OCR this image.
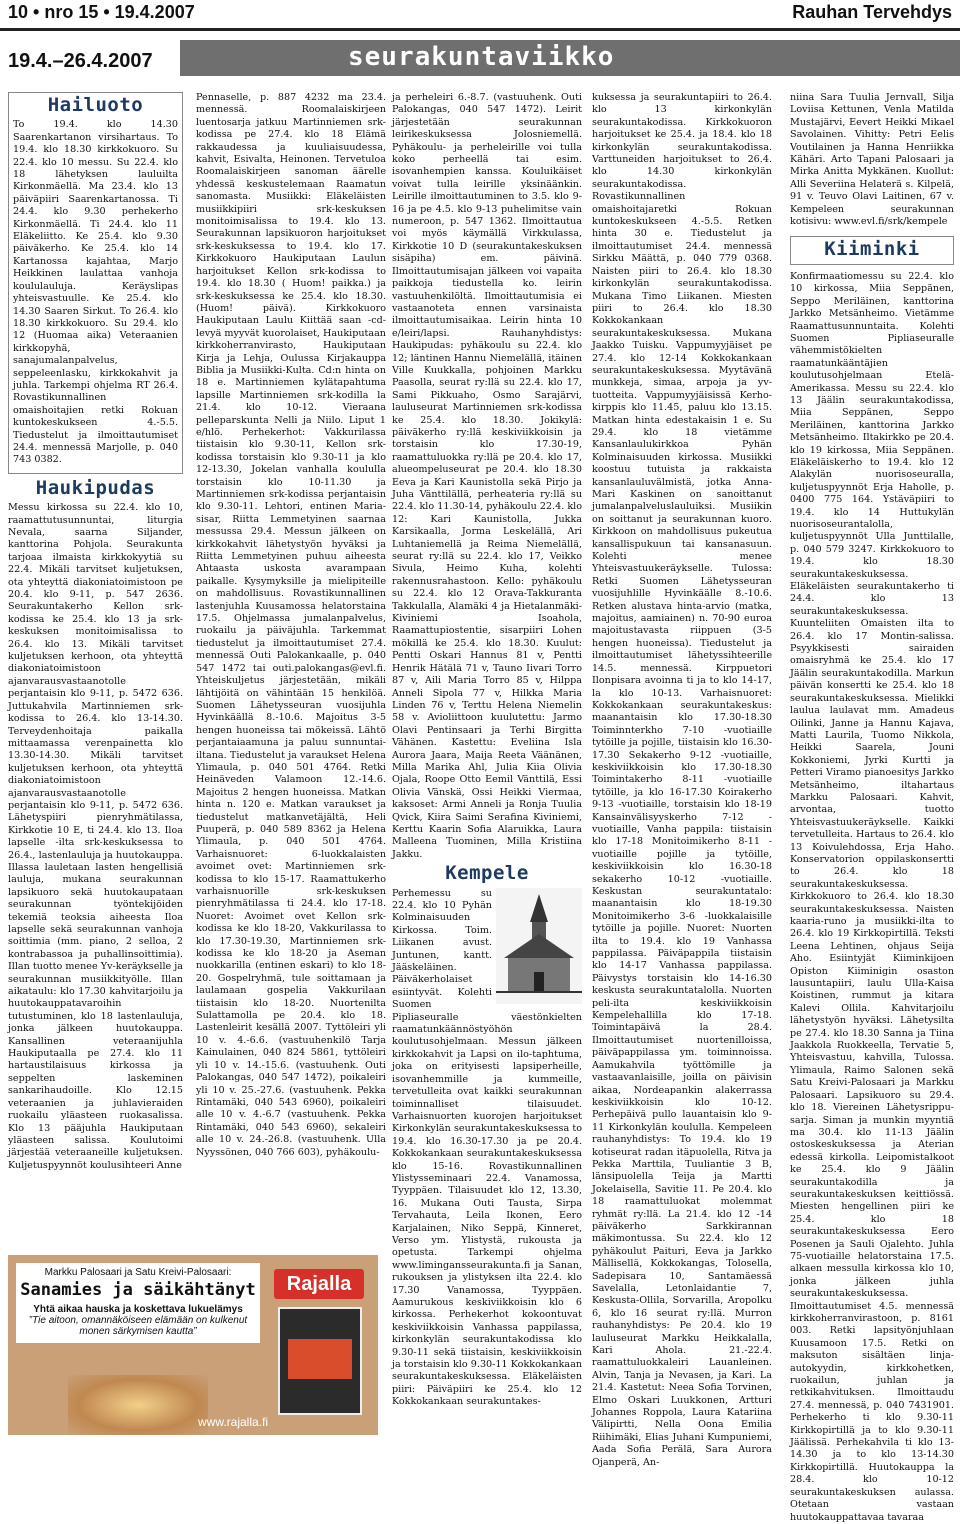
10 • nro 15 • 19.4.2007	Rauhan Tervehdys
19.4.–26.4.2007	seurakuntaviikko
Hailuoto

To 19.4. klo 14.30 Saarenkartanon virsihartaus. To 19.4. klo 18.30 kirkkokuoro. Su 22.4. klo 10 messu. Su 22.4. klo 18 lähetyksen lauluilta Kirkonmäellä. Ma 23.4. klo 13 päiväpiiri Saarenkartanossa. Ti 24.4. klo 9.30 perhekerho Kirkonmäellä. Ti 24.4. klo 11 Eläkeliitto. Ke 25.4. klo 9.30 päiväkerho. Ke 25.4. klo 14 Kartanossa kajahtaa, Marjo Heikkinen laulattaa vanhoja koululauluja. Keräyslipas yhteisvastuulle. Ke 25.4. klo 14.30 Saaren Sirkut. To 26.4. klo 18.30 kirkkokuoro. Su 29.4. klo 12 (Huomaa aika) Veteraanien kirkkopyhä, sanajumalanpalvelus, seppeleenlasku, kirkkokahvit ja juhla. Tarkempi ohjelma RT 26.4. Rovastikunnallinen omaishoitajien retki Rokuan kuntokeskukseen 4.-5.5. Tiedustelut ja ilmoittautumiset 24.4. mennessä Marjolle, p. 040 743 0382.

Haukipudas

Messu kirkossa su 22.4. klo 10, raamattutusunnuntai, liturgia Nevala, saarna Siljander, kanttorina Pohjola. Seurakunta tarjoaa ilmaista kirkkokyytiä su 22.4. Mikäli tarvitset kuljetuksen, ota yhteyttä diakoniatoimistoon pe 20.4. klo 9-11, p. 547 2636. Seurakuntakerho Kellon srk-kodissa ke 25.4. klo 13 ja srk-keskuksen monitoimisalissa to 26.4. klo 13. Mikäli tarvitset kuljetuksen kerhoon, ota yhteyttä diakoniatoimistoon ajanvarausvastaanotolle perjantaisin klo 9-11, p. 5472 636. Juttukahvila Martinniemen srk-kodissa to 26.4. klo 13-14.30. Terveydenhoitaja paikalla mittaamassa verenpainetta klo 13.30-14.30. Mikäli tarvitset kuljetuksen kerhoon, ota yhteyttä diakoniatoimistoon ajanvarausvastaanotolle perjantaisin klo 9-11, p. 5472 636. Lähetyspiiri pienryhmätilassa, Kirkkotie 10 E, ti 24.4. klo 13. Iloa lapselle -ilta srk-keskuksessa to 26.4., lastenlauluja ja huutokauppa. Illassa lauletaan lasten hengellisiä lauluja, mukana seurakunnan lapsikuoro sekä huutokaupataan seurakunnan työntekijöiden tekemiä teoksia aiheesta Iloa lapselle sekä seurakunnan vanhoja soittimia (mm. piano, 2 selloa, 2 kontrabassoa ja puhallinsoittimia). Illan tuotto menee Yv-keräykselle ja seurakunnan musiikkityölle. Illan aikataulu: klo 17.30 kahvitarjoilu ja huutokauppatavaroihin tutustuminen, klo 18 lastenlauluja, jonka jälkeen huutokauppa. Kansallinen veteraanijuhla Haukiputaalla pe 27.4. klo 11 hartaustilaisuus kirkossa ja seppelten laskeminen sankarihaudoille. Klo 12.15 veteraanien ja juhlavieraiden ruokailu yläasteen ruokasalissa. Klo 13 pääjuhla Haukiputaan yläasteen salissa. Koulutoimi järjestää veteraaneille kuljetuksen. Kuljetuspyynnöt koulusihteeri Anne

Pennaselle, p. 887 4232 ma 23.4. mennessä. Roomalaiskirjeen luentosarja jatkuu Martinniemen srk-kodissa pe 27.4. klo 18 Elämä rakkaudessa ja kuuliaisuudessa, kahvit, Esivalta, Heinonen. Tervetuloa Roomalaiskirjeen sanoman äärelle yhdessä keskustelemaan Raamatun sanomasta. Musiikki: Eläkeläisten musiikkipiiri srk-keskuksen monitoimisalissa to 19.4. klo 13. Seurakunnan lapsikuoron harjoitukset srk-keskuksessa to 19.4. klo 17. Kirkkokuoro Haukiputaan Laulun harjoitukset Kellon srk-kodissa to 19.4. klo 18.30 ( Huom! paikka.) ja srk-keskuksessa ke 25.4. klo 18.30. (Huom! päivä). Kirkkokuoro Haukiputaan Laulu Kiittää saan -cd-levyä myyvät kuorolaiset, Haukiputaan kirkkoherranvirasto, Haukiputaan Kirja ja Lehja, Oulussa Kirjakauppa Biblia ja Musiikki-Kulta. Cd:n hinta on 18 e. Martinniemen kylätapahtuma lapsille Martinniemen srk-kodilla la 21.4. klo 10-12. Vieraana pelleparskunta Nelli ja Niilo. Liput 1 e/hlö. Perhekerhot: Vakkurilassa tiistaisin klo 9.30-11, Kellon srk-kodissa torstaisin klo 9.30-11 ja klo 12-13.30, Jokelan vanhalla koululla torstaisin klo 10-11.30 ja Martinniemen srk-kodissa perjantaisin klo 9.30-11. Lehtori, entinen Maria-sisar, Riitta Lemmetyinen saarnaa messussa 29.4. Messun jälkeen on kirkkokahvit lähetystyön hyväksi ja Riitta Lemmetyinen puhuu aiheesta Ahtaasta uskosta avarampaan paikalle. Kysymyksille ja mielipiteille on mahdollisuus. Rovastikunnallinen lastenjuhla Kuusamossa helatorstaina 17.5. Ohjelmassa jumalanpalvelus, ruokailu ja päiväjuhla. Tarkemmat tiedustelut ja ilmoittautumiset 27.4. mennessä Outi Palokankaalle, p. 040 547 1472 tai outi.palokangas@evl.fi. Yhteiskuljetus järjestetään, mikäli lähtijöitä on vähintään 15 henkilöä. Suomen Lähetysseuran vuosijuhla Hyvinkäällä 8.-10.6. Majoitus 3-5 hengen huoneissa tai mökeissä. Lähtö perjantaiaamuna ja paluu sunnuntai-iltana. Tiedustelut ja varaukset Helena Ylimaula, p. 040 501 4764. Retki Heinäveden Valamoon 12.-14.6. Majoitus 2 hengen huoneissa. Matkan hinta n. 120 e. Matkan varaukset ja tiedustelut matkanvetäjältä, Heli Puuperä, p. 040 589 8362 ja Helena Ylimaula, p. 040 501 4764. Varhaisnuoret: 6-luokkalaisten avoimet ovet: Martinniemen srk-kodissa to klo 15-17. Raamattukerho varhaisnuorille srk-keskuksen pienryhmätilassa ti 24.4. klo 17-18. Nuoret: Avoimet ovet Kellon srk-kodissa ke klo 18-20, Vakkurilassa to klo 17.30-19.30, Martinniemen srk-kodissa ke klo 18-20 ja Aseman nuokkarilla (entinen eskari) to klo 18-20. Gospelryhmä, tule soittamaan ja laulamaan gospelia Vakkurilaan tiistaisin klo 18-20. Nuortenilta Sulattamolla pe 20.4. klo 18. Lastenleirit kesällä 2007. Tyttöleiri yli 10 v. 4.-6.6. (vastuuhenkilö Tarja Kainulainen, 040 824 5861, tyttöleiri yli 10 v. 14.-15.6. (vastuuhenk. Outi Palokangas, 040 547 1472), poikaleiri yli 10 v. 25.-27.6. (vastuuhenk. Pekka Rintamäki, 040 543 6960), poikaleiri alle 10 v. 4.-6.7 (vastuuhenk. Pekka Rintamäki, 040 543 6960), sekaleiri alle 10 v. 24.-26.8. (vastuuhenk. Ulla Nyyssönen, 040 766 603), pyhäkoulu-

ja perheleiri 6.-8.7. (vastuuhenk. Outi Palokangas, 040 547 1472). Leirit järjestetään seurakunnan leirikeskuksessa Jolosniemellä. Pyhäkoulu- ja perheleirille voi tulla koko perheellä tai esim. isovanhempien kanssa. Kouluikäiset voivat tulla leirille yksinäänkin. Leirille ilmoittautuminen to 3.5. klo 9-16 ja pe 4.5. klo 9-13 puhelimitse vain numeroon, p. 547 1362. Ilmoittautua voi myös käymällä Virkkulassa, Kirkkotie 10 D (seurakuntakeskuksen sisäpiha) em. päivinä. Ilmoittautumisajan jälkeen voi vapaita paikkoja tiedustella ko. leirin vastuuhenkilöltä. Ilmoittautumisia ei vastaanoteta ennen varsinaista ilmoittautumisaikaa. Leirin hinta 10 e/leiri/lapsi. Rauhanyhdistys: Haukipudas: pyhäkoulu su 22.4. klo 12; läntinen Hannu Niemelällä, itäinen Ville Kuukkalla, pohjoinen Markku Paasolla, seurat ry:llä su 22.4. klo 17, Sami Pikkuaho, Osmo Sarajärvi, lauluseurat Martinniemen srk-kodissa ke 25.4. klo 18.30. Jokikylä: päiväkerho ry:llä keskiviikkoisin ja torstaisin klo 17.30-19, raamattuluokka ry:llä pe 20.4. klo 17, alueompeluseurat pe 20.4. klo 18.30 Eeva ja Kari Kaunistolla sekä Pirjo ja Juha Vänttilällä, perheateria ry:llä su 22.4. klo 11.30-14, pyhäkoulu 22.4. klo 12: Kari Kaunistolla, Jukka Karsikaalla, Jorma Leskelällä, Ari Luhtaniemellä ja Reima Niemelällä, seurat ry:llä su 22.4. klo 17, Veikko Sivula, Heimo Kuha, kolehti rakennusrahastoon. Kello: pyhäkoulu su 22.4. klo 12 Orava-Takkuranta Takkulalla, Alamäki 4 ja Hietalanmäki-Kiviniemi Isoahola, Raamattupiostentie, sisarpiiri Lohen mökillä ke 25.4. klo 18.30. Kuulut: Pentti Oskari Hannus 81 v, Pentti Henrik Hätälä 71 v, Tauno Iivari Torro 87 v, Aili Maria Torro 85 v, Hilppa Anneli Sipola 77 v, Hilkka Maria Linden 76 v, Terttu Helena Niemelin 58 v. Avioliittoon kuulutettu: Jarmo Olavi Pentinsaari ja Terhi Birgitta Vähänen. Kastettu: Eveliina Isla Aurora Jaara, Maija Reeta Väänänen, Milla Marika Ahl, Julia Kiia Olivia Ojala, Roope Otto Eemil Vänttilä, Essi Olivia Vänskä, Ossi Heikki Viermaa, kaksoset: Armi Anneli ja Ronja Tuulia Qvick, Kiira Saimi Serafina Kiviniemi, Kerttu Kaarin Sofia Alaruikka, Laura Malleena Tuominen, Milla Kristiina Jakku.

Kempele

Perhemessu su 22.4. klo 10 Pyhän Kolminaisuuden Kirkossa. Toim. Liikanen avust. Juntunen, kantt. Jääskeläinen. Päiväkerholaiset esiintyvät. Kolehti Suomen Pipliaseuralle väestönkielten raamatunkäännöstyöhön koulutusohjelmaan. Messun jälkeen kirkkokahvit ja Lapsi on ilo-taphtuma, joka on erityisesti lapsiperheille, isovanhemmille ja kummeille, tervetulleita ovat kaikki seurakunnan toiminnalliset tilaisuudet. Varhaisnuorten kuorojen harjoitukset Kirkonkylän seurakuntakeskuksessa to 19.4. klo 16.30-17.30 ja pe 20.4. Kokkokankaan seurakuntakeskuksessa klo 15-16. Rovastikunnallinen Ylistysseminaari 22.4. Vanamossa, Tyyppäen. Tilaisuudet klo 12, 13.30, 16. Mukana Outi Tausta, Sirpa Tervahauta, Leila Ikonen, Eero Karjalainen, Niko Seppä, Kinneret, Verso ym. Ylistystä, rukousta ja opetusta. Tarkempi ohjelma www.limingansseurakunta.fi ja Sanan, rukouksen ja ylistyksen ilta 22.4. klo 17.30 Vanamossa, Tyyppäen. Aamurukous keskiviikkoisin klo 6 kirkossa. Perhekerhot kokoontuvat keskiviikkoisin Vanhassa pappilassa, kirkonkylän seurakuntakodissa klo 9.30-11 sekä tiistaisin, keskiviikkoisin ja torstaisin klo 9.30-11 Kokkokankaan seurakuntakeskuksessa. Eläkeläisten piiri: Päiväpiiri ke 25.4. klo 12 Kokkokankaan seurakuntakes-

kuksessa ja seurakuntapiiri to 26.4. klo 13 kirkonkylän seurakuntakodissa. Kirkkokuoron harjoitukset ke 25.4. ja 18.4. klo 18 kirkonkylän seurakuntakodissa. Varttuneiden harjoitukset to 26.4. klo 14.30 kirkonkylän seurakuntakodissa. Rovastikunnallinen omaishoitajaretki Rokuan kuntokeskukseen 4.-5.5. Retken hinta 30 e. Tiedustelut ja ilmoittautumiset 24.4. mennessä Sirkku Määttä, p. 040 779 0368. Naisten piiri to 26.4. klo 18.30 kirkonkylän seurakuntakodissa. Mukana Timo Liikanen. Miesten piiri to 26.4. klo 18.30 Kokkokankaan seurakuntakeskuksessa. Mukana Jaakko Tuisku. Vappumyyjäiset pe 27.4. klo 12-14 Kokkokankaan seurakuntakeskuksessa. Myytävänä munkkeja, simaa, arpoja ja yv-tuotteita. Vappumyyjäisissä Kerho-kirppis klo 11.45, paluu klo 13.15. Matkan hinta edestakaisin 1 e. Su 29.4. klo 18 vietämme Kansanlaulukirkkoa Pyhän Kolminaisuuden kirkossa. Musiikki koostuu tutuista ja rakkaista kansanlauluvälmistä, jotka Anna-Mari Kaskinen on sanoittanut jumalanpalveluslauluiksi. Musiikin on soittanut ja seurakunnan kuoro. Kirkkoon on mahdollisuus pukeutua kansallispukuun tai kansanasuun. Kolehti menee Yhteisvastuukeräykselle. Tulossa: Retki Suomen Lähetysseuran vuosijuhlille Hyvinkäälle 8.-10.6. Retken alustava hinta-arvio (matka, majoitus, aamiainen) n. 70-90 euroa majoitustavasta riippuen (3-5 hengen huoneissa). Tiedustelut ja ilmoittautumiset lähetyssihteerille 14.5. mennessä. Kirppuetori Ilonpisara avoinna ti ja to klo 14-17, la klo 10-13. Varhaisnuoret: Kokkokankaan seurakuntakeskus: maanantaisin klo 17.30-18.30 Toiminnterkho 7-10 -vuotiaille tytöille ja pojille, tiistaisin klo 16.30-17.30 Sekakerho 9-12 -vuotiaille, keskiviikkoisin klo 17.30-18.30 Toimintakerho 8-11 -vuotiaille tytöille, ja klo 16-17.30 Koirakerho 9-13 -vuotiaille, torstaisin klo 18-19 Kansainvälisyyskerho 7-12 -vuotiaille, Vanha pappila: tiistaisin klo 17-18 Monitoimikerho 8-11 -vuotiaille pojille ja tytöille, keskiviikkoisin klo 16.30-18 sekakerho 10-12 -vuotiaille. Keskustan seurakuntatalo: maanantaisin klo 18-19.30 Monitoimikerho 3-6 -luokkalaisille tytöille ja pojille. Nuoret: Nuorten ilta to 19.4. klo 19 Vanhassa pappilassa. Päiväpappila tiistaisin klo 14-17 Vanhassa pappilassa. Päivystys torstaisin klo 14-16.30 keskusta seurakuntatalolla. Nuorten peli-ilta keskiviikkoisin Kempelehallilla klo 17-18. Toimintapäivä la 28.4. Ilmoittautumiset nuortenilloissa, päiväpappilassa ym. toiminnoissa. Aamukahvila työttömille ja vastaavanlaisille, joilla on päivisin aikaa, Nordeapankin alakerrassa keskiviikkoisin klo 10-12. Perhepäivä pullo lauantaisin klo 9-11 Kirkonkylän koululla. Kempeleen rauhanyhdistys: To 19.4. klo 19 kotiseurat radan itäpuolella, Ritva ja Pekka Marttila, Tuuliantie 3 B, länsipuolella Teija ja Martti Jokelaisella, Savitie 11. Pe 20.4. klo 18 raamattuluokat molemmat ryhmät ry:llä. La 21.4. klo 12 -14 päiväkerho Sarkkirannan mäkimontussa. Su 22.4. klo 12 pyhäkoulut Paituri, Eeva ja Jarkko Mällisellä, Kokkokangas, Tolosella, Sadepisara 10, Santamäessä Savelalla, Letonlaidantie 7, Keskusta-Ollila, Sorvarilla, Aropolku 6, klo 16 seurat ry:llä. Murron rauhanyhdistys: Pe 20.4. klo 19 lauluseurat Markku Heikkalalla, Kari Ahola. 21.-22.4. raamattuluokkaleiri Lauanleinen. Alvin, Tanja ja Nevasen, ja Kari. La 21.4. Kastetut: Neea Sofia Torvinen, Elmo Oskari Luukkonen, Artturi Johannes Roppola, Laura Katariina Välipirtti, Nella Oona Emilia Riihimäki, Elias Juhani Kumpuniemi, Aada Sofia Perälä, Sara Aurora Ojanperä, An-

niina Sara Tuulia Jernvall, Silja Loviisa Kettunen, Venla Matilda Mustajärvi, Eevert Heikki Mikael Savolainen. Vihitty: Petri Eelis Voutilainen ja Hanna Henriikka Kähäri. Arto Tapani Palosaari ja Mirka Anitta Mykkänen. Kuollut: Alli Severiina Helaterä s. Kilpelä, 91 v. Teuvo Olavi Laitinen, 67 v. Kempeleen seurakunnan kotisivu: www.evl.fi/srk/kempele

Kiiminki

Konfirmaatiomessu su 22.4. klo 10 kirkossa, Miia Seppänen, Seppo Meriläinen, kanttorina Jarkko Metsänheimo. Vietämme Raamattusunnuntaita. Kolehti Suomen Pipliaseuralle vähemmistökielten raamatunkääntäjien koulutusohjelmaan Etelä-Amerikassa. Messu su 22.4. klo 13 Jäälin seurakuntakodissa, Miia Seppänen, Seppo Meriläinen, kanttorina Jarkko Metsänheimo. Iltakirkko pe 20.4. klo 19 kirkossa, Miia Seppänen. Eläkeläiskerho to 19.4. klo 12 Alakylän nuorisoseuralla, kuljetuspyynnöt Erja Haholle, p. 0400 775 164. Ystäväpiiri to 19.4. klo 14 Huttukylän nuorisoseurantalolla, kuljetuspyynnöt Ulla Junttilalle, p. 040 579 3247. Kirkkokuoro to 19.4. klo 18.30 seurakuntakeskuksessa. Eläkeläisten seurakuntakerho ti 24.4. klo 13 seurakuntakeskuksessa. Kuunteliiten Omaisten ilta to 26.4. klo 17 Montin-salissa. Psyykkisesti sairaiden omaisryhmä ke 25.4. klo 17 Jäälin seurakuntakodilla. Markun päivän konsertti ke 25.4. klo 18 seurakuntakeskuksessa. Mielikki laulua laulavat mm. Amadeus Oilinki, Janne ja Hannu Kajava, Matti Laurila, Tuomo Nikkola, Heikki Saarela, Jouni Kokkoniemi, Jyrki Kurtti ja Petteri Viramo pianoesitys Jarkko Metsänheimo, iltahartaus Markku Palosaari. Kahvit, arvontaa, tuotto Yhteisvastuukeräykselle. Kaikki tervetulleita. Hartaus to 26.4. klo 13 Koivulehdossa, Erja Haho. Konservatorion oppilaskonsertti to 26.4. klo 18 seurakuntakeskuksessa. Kirkkokuoro to 26.4. klo 18.30 seurakuntakeskuksessa. Naisten kaaria-runo ja musiikki-ilta to 26.4. klo 19 Kirkkopirtillä. Teksti Leena Lehtinen, ohjaus Seija Aho. Esiintyjät Kiiminkijoen Opiston Kiiminigin osaston lausuntapiiri, laulu Ulla-Kaisa Koistinen, rummut ja kitara Kalevi Ollila. Kahvitarjoilu lähetystyön hyväksi. Lähetysilta pe 27.4. klo 18.30 Sanna ja Tiina Jaakkola Ruokkeella, Tervatie 5, Yhteisvastuu, kahvilla, Tulossa. Ylimaula, Raimo Salonen sekä Satu Kreivi-Palosaari ja Markku Palosaari. Lapsikuoro su 29.4. klo 18. Viereinen Lähetysrippu-sarja. Siman ja munkin myyntiä ma 30.4. klo 11-13 Jäälin ostoskeskuksessa ja Aterian edessä kirkolla. Leipomistalkoot ke 25.4. klo 9 Jäälin seurakuntakodilla ja seurakuntakeskuksen keittiössä. Miesten hengellinen piiri ke 25.4. klo 18 seurakuntakeskuksessa Eero Posenen ja Sauli Ojalehto. Juhla 75-vuotiaille helatorstaina 17.5. alkaen messulla kirkossa klo 10, jonka jälkeen juhla seurakuntakeskuksessa. Ilmoittautumiset 4.5. mennessä kirkkoherranvirastoon, p. 8161 003. Retki lapsityönjuhlaan Kuusamoon 17.5. Retki on maksuton sisältäen linja-autokyydin, kirkkohetken, ruokailun, juhlan ja retkikahvituksen. Ilmoittaudu 27.4. mennessä, p. 040 7431901. Perhekerho ti klo 9.30-11 Kirkkopirtillä ja to klo 9.30-11 Jäälissä. Perhekahvila ti klo 13-14.30 ja to klo 13-14.30 Kirkkopirtillä. Huutokauppa la 28.4. klo 10-12 seurakuntakeskuksen aulassa. Otetaan vastaan huutokauppattavaa tavaraa

Markku Palosaari ja Satu Kreivi-Palosaari:
Sanamies ja säikähtänyt
Yhtä aikaa hauska ja koskettava lukuelämys
”Tie aitoon, omannäköiseen elämään on kulkenut monen särkymisen kautta”
Rajalla
www.rajalla.fi
